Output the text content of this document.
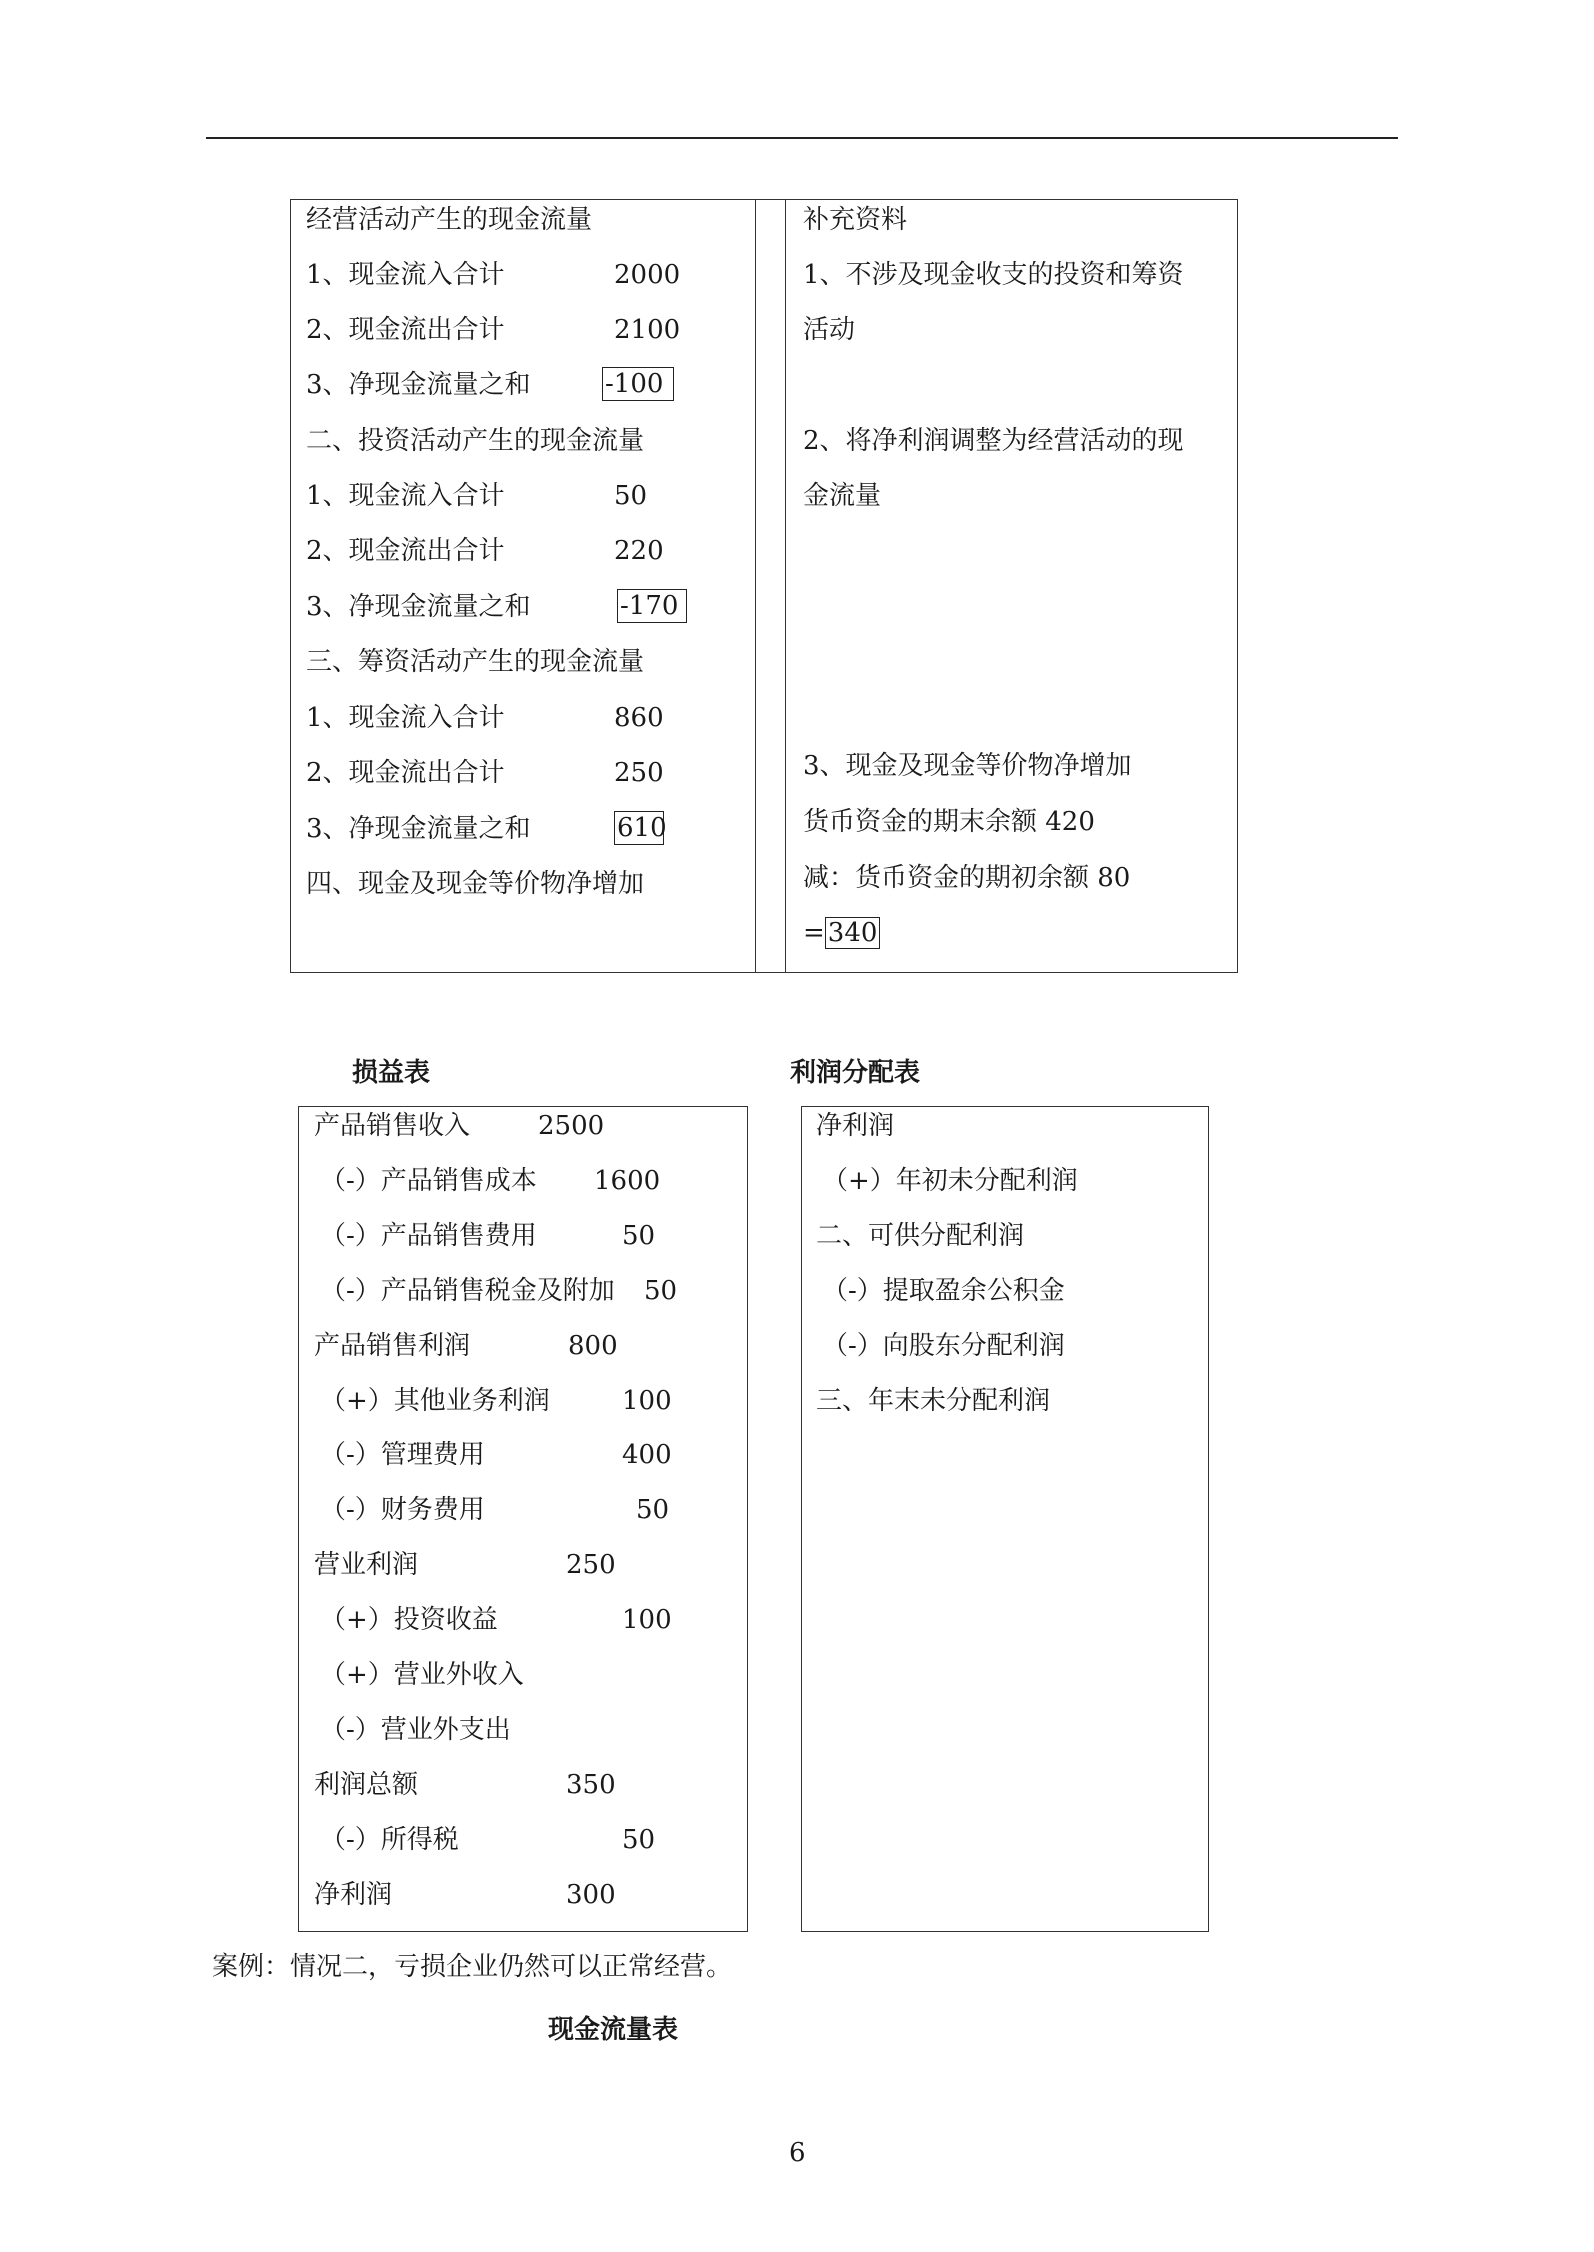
经营活动产生的现金流量
1、现金流入合计	2000
2、现金流出合计	2100
3、净现金流量之和	-100
二、投资活动产生的现金流量
1、现金流入合计	50
2、现金流出合计	220
3、净现金流量之和	-170
三、筹资活动产生的现金流量
1、现金流入合计	860
2、现金流出合计	250
3、净现金流量之和	610
四、现金及现金等价物净增加
补充资料
1、不涉及现金收支的投资和筹资
活动
2、将净利润调整为经营活动的现
金流量
3、现金及现金等价物净增加
货币资金的期末余额 420
减：货币资金的期初余额 80
= 340
损益表	利润分配表
产品销售收入	2500
（-）产品销售成本 1600
（-）产品销售费用	50
（-）产品销售税金及附加 50
产品销售利润	800
（+）其他业务利润	100
（-）管理费用	400
（-）财务费用	50
营业利润	250
（+）投资收益	100
（+）营业外收入
（-）营业外支出
利润总额	350
（-）所得税	50
净利润	300
净利润
（+）年初未分配利润
二、可供分配利润
（-）提取盈余公积金
（-）向股东分配利润
三、年末未分配利润
案例：情况二，亏损企业仍然可以正常经营。
现金流量表
6
